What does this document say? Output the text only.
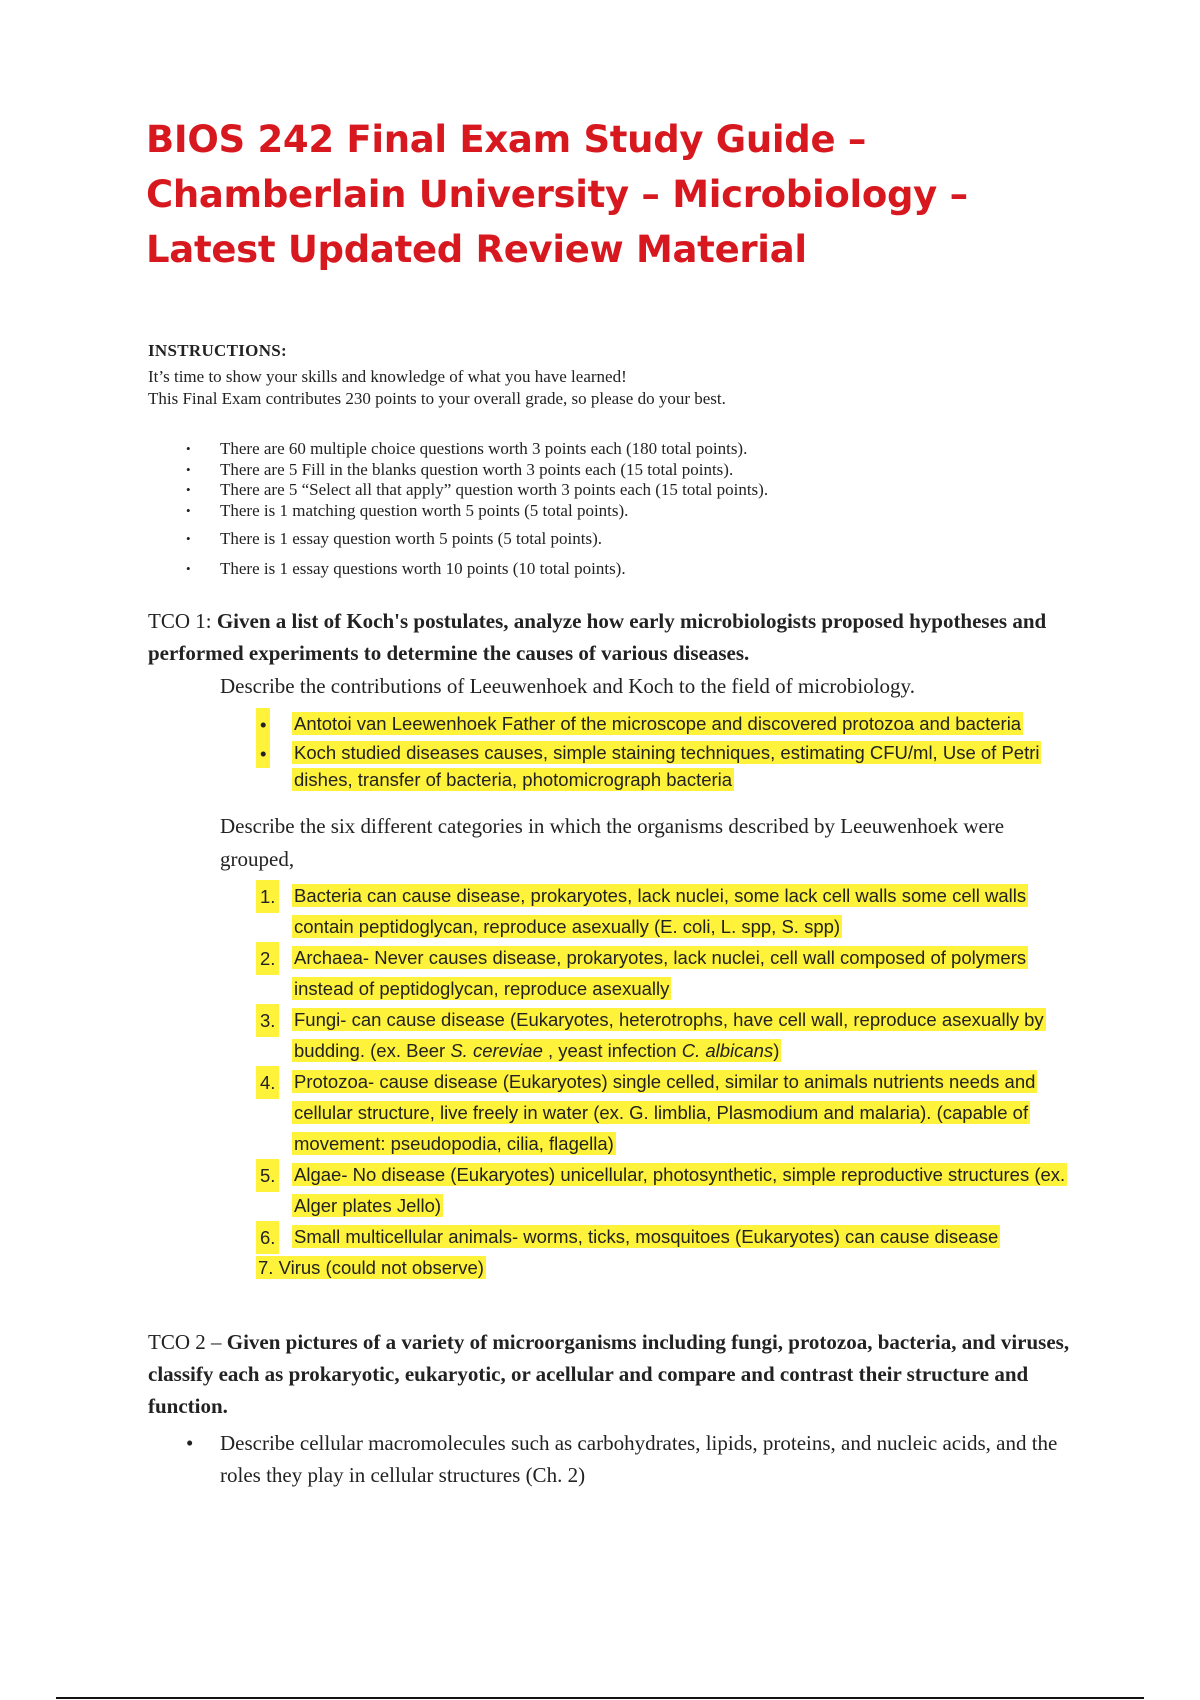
BIOS 242 Final Exam Study Guide – Chamberlain University – Microbiology – Latest Updated Review Material
INSTRUCTIONS:

It’s time to show your skills and knowledge of what you have learned!

This Final Exam contributes 230 points to your overall grade, so please do your best.

• There are 60 multiple choice questions worth 3 points each (180 total points).
• There are 5 Fill in the blanks question worth 3 points each (15 total points).
• There are 5 “Select all that apply” question worth 3 points each (15 total points).
• There is 1 matching question worth 5 points (5 total points).
• There is 1 essay question worth 5 points (5 total points).
• There is 1 essay questions worth 10 points (10 total points).
TCO 1: Given a list of Koch's postulates, analyze how early microbiologists proposed hypotheses and performed experiments to determine the causes of various diseases.
Describe the contributions of Leeuwenhoek and Koch to the field of microbiology.
• Antotoi van Leewenhoek Father of the microscope and discovered protozoa and bacteria
• Koch studied diseases causes, simple staining techniques, estimating CFU/ml, Use of Petri dishes, transfer of bacteria, photomicrograph bacteria
Describe the six different categories in which the organisms described by Leeuwenhoek were grouped,
1. Bacteria can cause disease, prokaryotes, lack nuclei, some lack cell walls some cell walls contain peptidoglycan, reproduce asexually (E. coli, L. spp, S. spp)
2. Archaea- Never causes disease, prokaryotes, lack nuclei, cell wall composed of polymers instead of peptidoglycan, reproduce asexually
3. Fungi- can cause disease (Eukaryotes, heterotrophs, have cell wall, reproduce asexually by budding. (ex. Beer S. cereviae , yeast infection C. albicans)
4. Protozoa- cause disease (Eukaryotes) single celled, similar to animals nutrients needs and cellular structure, live freely in water (ex. G. limblia, Plasmodium and malaria). (capable of movement: pseudopodia, cilia, flagella)
5. Algae- No disease (Eukaryotes) unicellular, photosynthetic, simple reproductive structures (ex. Alger plates Jello)
6. Small multicellular animals- worms, ticks, mosquitoes (Eukaryotes) can cause disease
7. Virus (could not observe)
TCO 2 – Given pictures of a variety of microorganisms including fungi, protozoa, bacteria, and viruses, classify each as prokaryotic, eukaryotic, or acellular and compare and contrast their structure and function.
• Describe cellular macromolecules such as carbohydrates, lipids, proteins, and nucleic acids, and the roles they play in cellular structures (Ch. 2)
